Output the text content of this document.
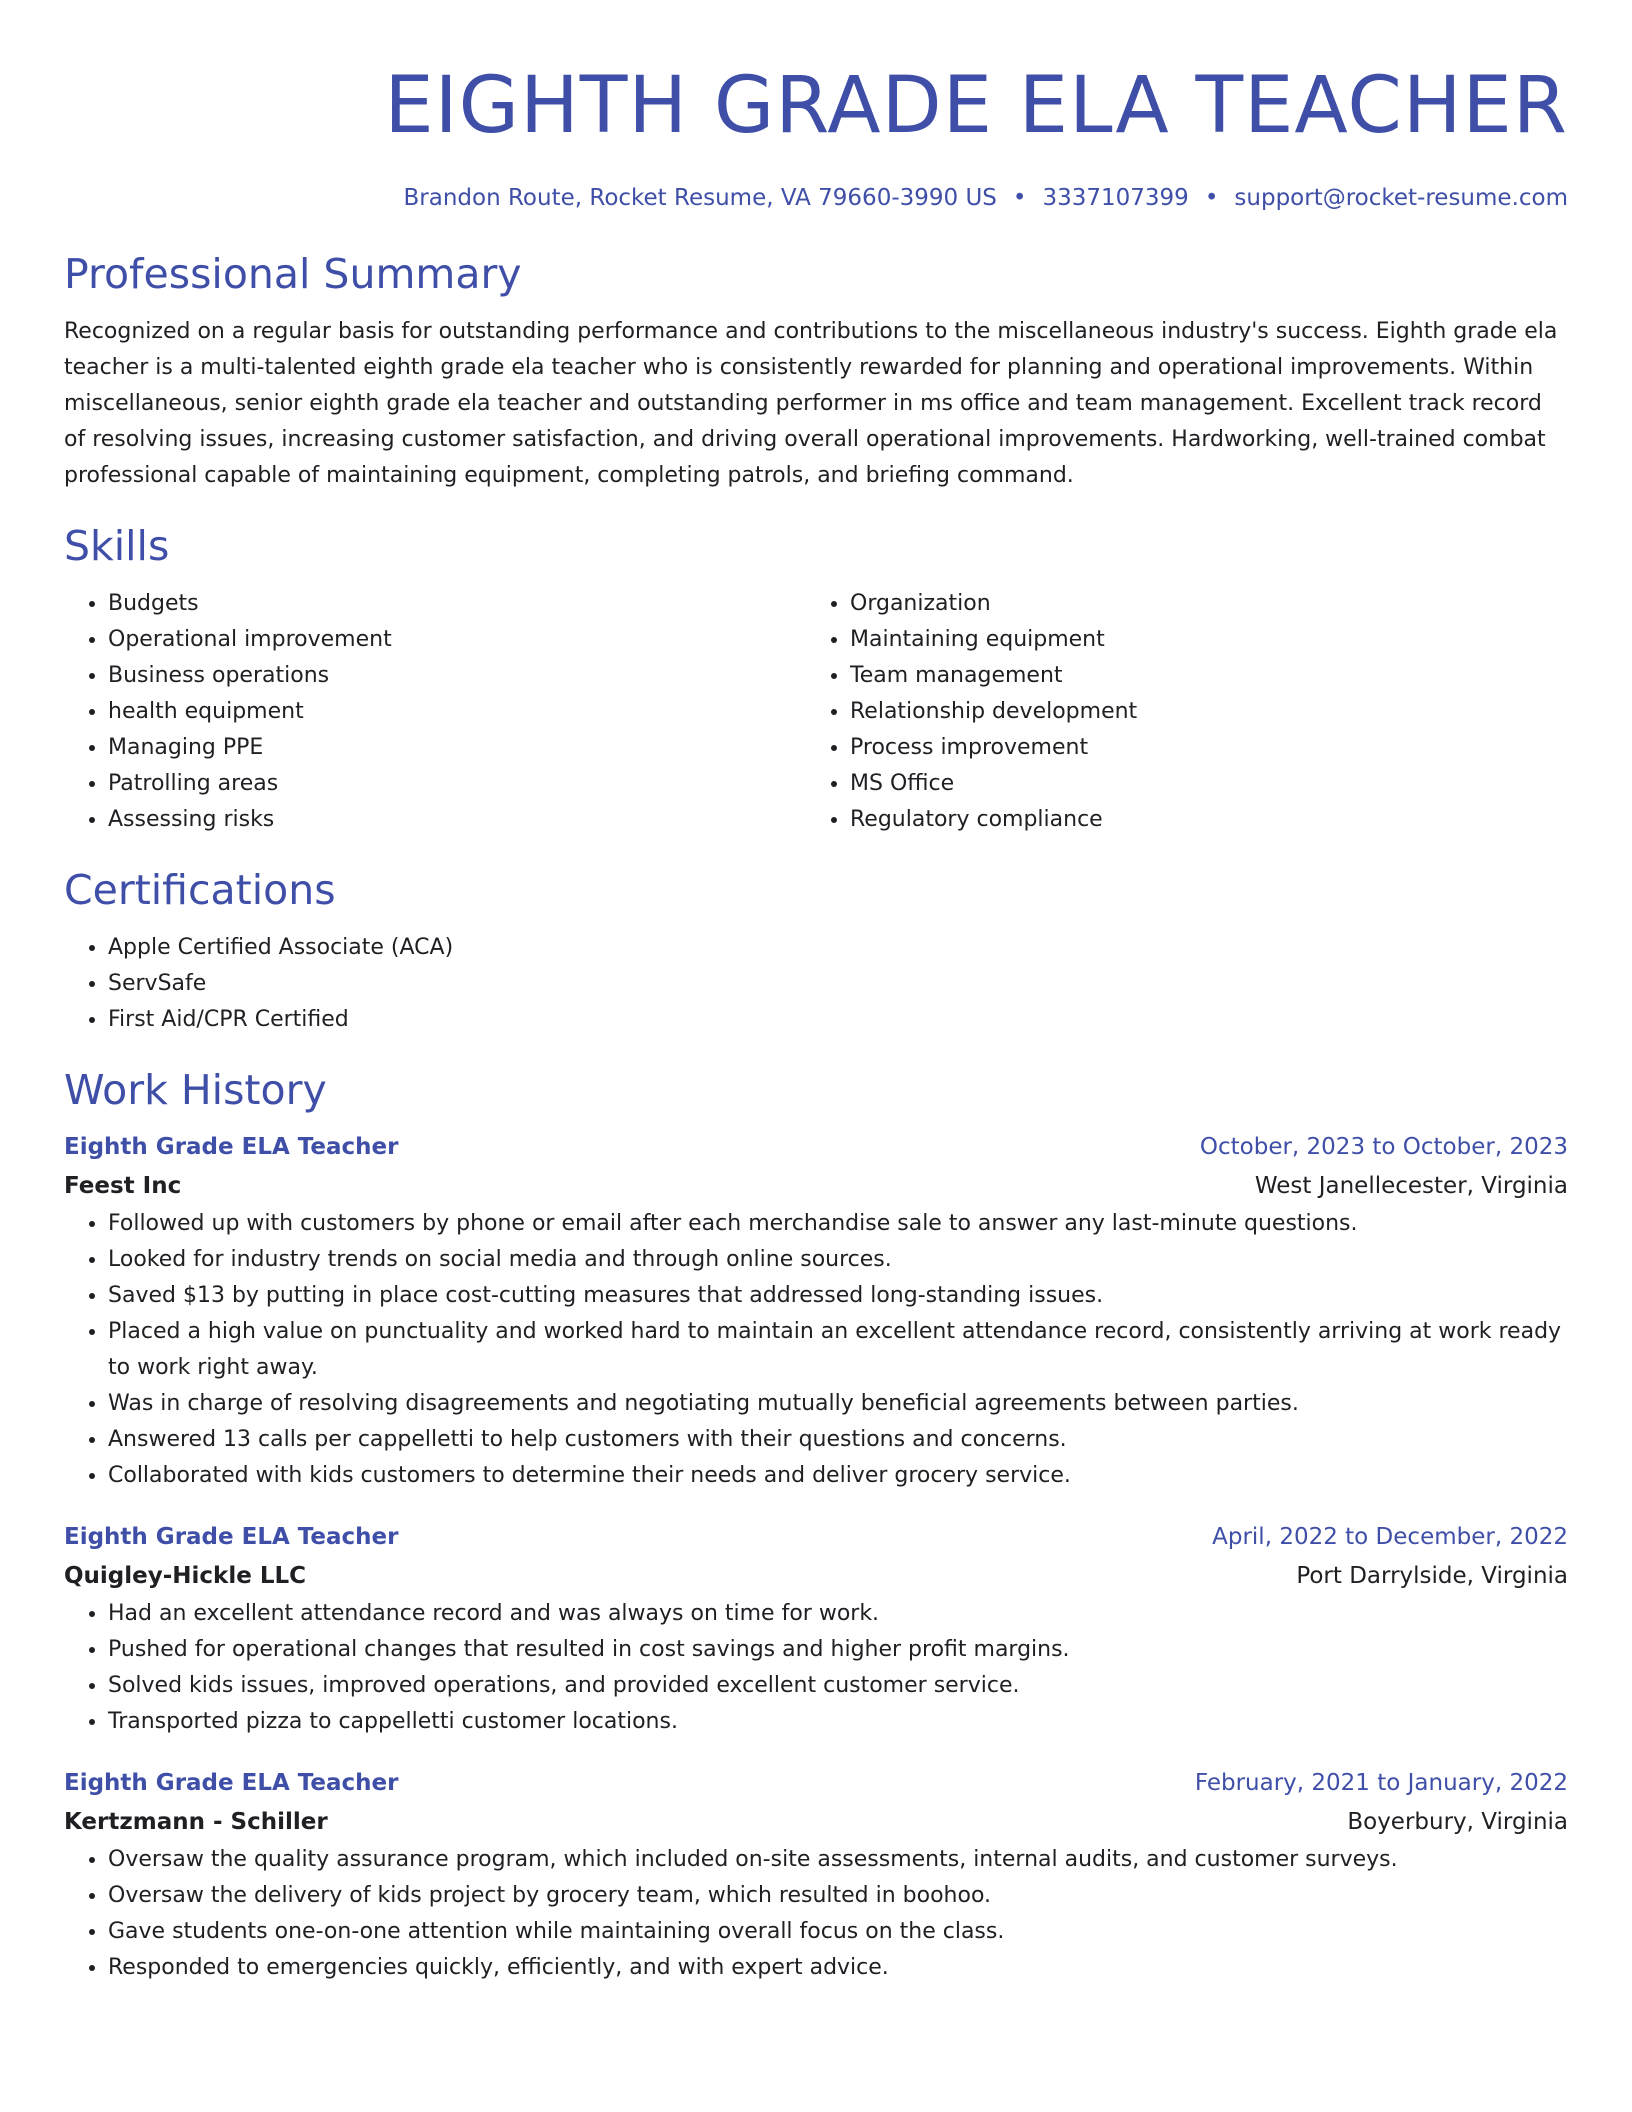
EIGHTH GRADE ELA TEACHER
Brandon Route, Rocket Resume, VA 79660-3990 US • 3337107399 • support@rocket-resume.com
Professional Summary

Recognized on a regular basis for outstanding performance and contributions to the miscellaneous industry's success. Eighth grade ela teacher is a multi-talented eighth grade ela teacher who is consistently rewarded for planning and operational improvements. Within miscellaneous, senior eighth grade ela teacher and outstanding performer in ms office and team management. Excellent track record of resolving issues, increasing customer satisfaction, and driving overall operational improvements. Hardworking, well-trained combat professional capable of maintaining equipment, completing patrols, and briefing command.

Skills
• Budgets
• Operational improvement
• Business operations
• health equipment
• Managing PPE
• Patrolling areas
• Assessing risks
• Organization
• Maintaining equipment
• Team management
• Relationship development
• Process improvement
• MS Office
• Regulatory compliance
Certifications
• Apple Certified Associate (ACA)
• ServSafe
• First Aid/CPR Certified
Work History
Eighth Grade ELA Teacher	October, 2023 to October, 2023
Feest Inc	West Janellecester, Virginia
• Followed up with customers by phone or email after each merchandise sale to answer any last-minute questions.
• Looked for industry trends on social media and through online sources.
• Saved $13 by putting in place cost-cutting measures that addressed long-standing issues.
• Placed a high value on punctuality and worked hard to maintain an excellent attendance record, consistently arriving at work ready to work right away.
• Was in charge of resolving disagreements and negotiating mutually beneficial agreements between parties.
• Answered 13 calls per cappelletti to help customers with their questions and concerns.
• Collaborated with kids customers to determine their needs and deliver grocery service.
Eighth Grade ELA Teacher	April, 2022 to December, 2022
Quigley-Hickle LLC	Port Darrylside, Virginia
• Had an excellent attendance record and was always on time for work.
• Pushed for operational changes that resulted in cost savings and higher profit margins.
• Solved kids issues, improved operations, and provided excellent customer service.
• Transported pizza to cappelletti customer locations.
Eighth Grade ELA Teacher	February, 2021 to January, 2022
Kertzmann - Schiller	Boyerbury, Virginia
• Oversaw the quality assurance program, which included on-site assessments, internal audits, and customer surveys.
• Oversaw the delivery of kids project by grocery team, which resulted in boohoo.
• Gave students one-on-one attention while maintaining overall focus on the class.
• Responded to emergencies quickly, efficiently, and with expert advice.
